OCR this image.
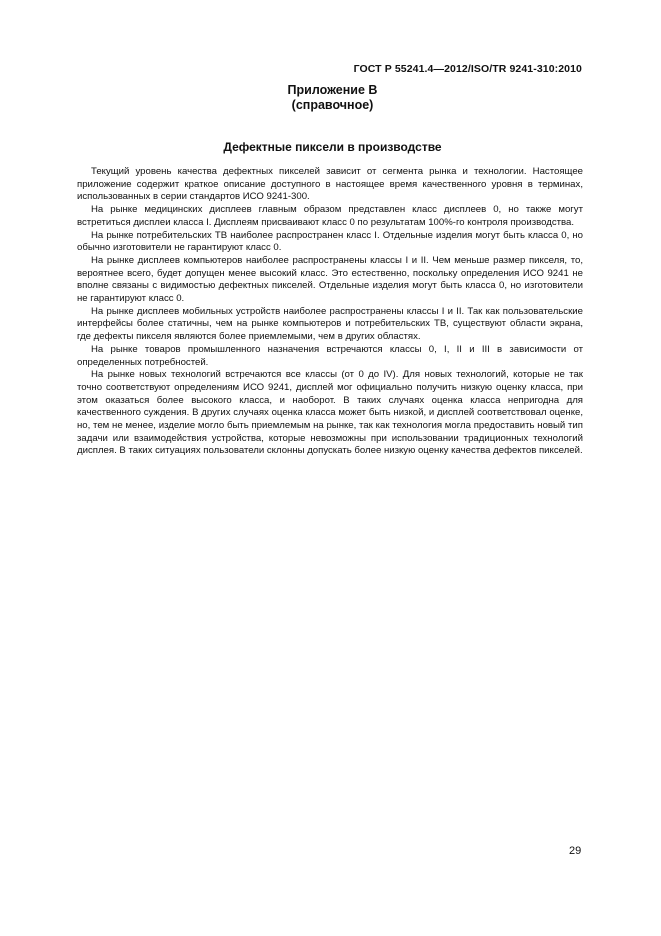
ГОСТ Р 55241.4—2012/ISO/TR 9241-310:2010
Приложение В
(справочное)
Дефектные пиксели в производстве

Текущий уровень качества дефектных пикселей зависит от сегмента рынка и технологии. Настоящее приложение содержит краткое описание доступного в настоящее время качественного уровня в терминах, использованных в серии стандартов ИСО 9241-300.

На рынке медицинских дисплеев главным образом представлен класс дисплеев 0, но также могут встретиться дисплеи класса I. Дисплеям присваивают класс 0 по результатам 100%-го контроля производства.

На рынке потребительских ТВ наиболее распространен класс I. Отдельные изделия могут быть класса 0, но обычно изготовители не гарантируют класс 0.

На рынке дисплеев компьютеров наиболее распространены классы I и II. Чем меньше размер пикселя, то, вероятнее всего, будет допущен менее высокий класс. Это естественно, поскольку определения ИСО 9241 не вполне связаны с видимостью дефектных пикселей. Отдельные изделия могут быть класса 0, но изготовители не гарантируют класс 0.

На рынке дисплеев мобильных устройств наиболее распространены классы I и II. Так как пользовательские интерфейсы более статичны, чем на рынке компьютеров и потребительских ТВ, существуют области экрана, где дефекты пикселя являются более приемлемыми, чем в других областях.

На рынке товаров промышленного назначения встречаются классы 0, I, II и III в зависимости от определенных потребностей.

На рынке новых технологий встречаются все классы (от 0 до IV). Для новых технологий, которые не так точно соответствуют определениям ИСО 9241, дисплей мог официально получить низкую оценку класса, при этом оказаться более высокого класса, и наоборот. В таких случаях оценка класса непригодна для качественного суждения. В других случаях оценка класса может быть низкой, и дисплей соответствовал оценке, но, тем не менее, изделие могло быть приемлемым на рынке, так как технология могла предоставить новый тип задачи или взаимодействия устройства, которые невозможны при использовании традиционных технологий дисплея. В таких ситуациях пользователи склонны допускать более низкую оценку качества дефектов пикселей.

29
